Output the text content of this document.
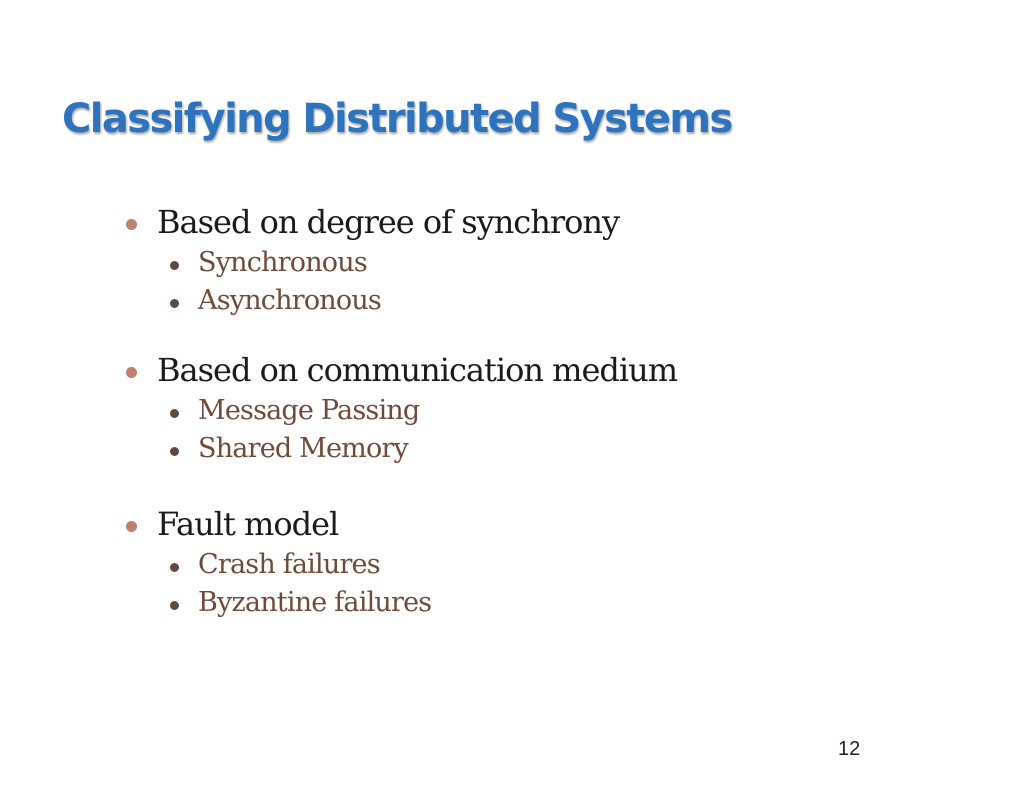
Classifying Distributed Systems
Based on degree of synchrony
Synchronous
Asynchronous
Based on communication medium
Message Passing
Shared Memory
Fault model
Crash failures
Byzantine failures
12
